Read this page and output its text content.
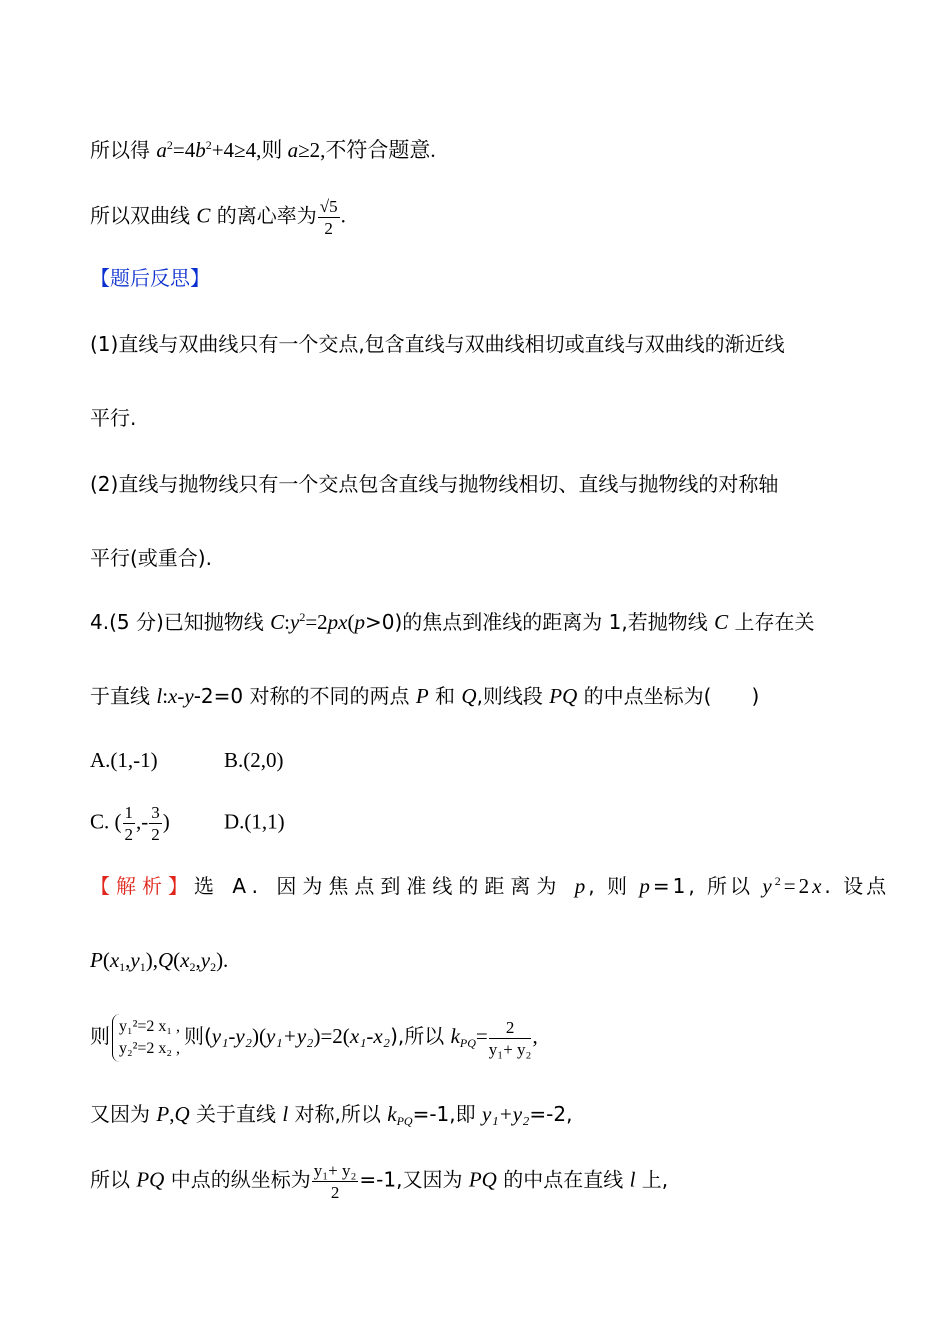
所以得 $a^2=4b^2+4\ge 4$,则 a≥2,不符合题意.
所以双曲线 C 的离心率为 $\frac{√5}{2}$ .
【题后反思】
(1)直线与双曲线只有一个交点,包含直线与双曲线相切或直线与双曲线的渐近线
平行.
(2)直线与抛物线只有一个交点包含直线与抛物线相切、直线与抛物线的对称轴
平行(或重合).
4.(5 分)已知抛物线 $C:y^2=2px(p>0)$的焦点到准线的距离为 1,若抛物线 C 上存在关
于直线 l:x-y-2=0 对称的不同的两点 P 和 Q,则线段 PQ 的中点坐标为(　　)
A.(1,-1)	B.(2,0)
C. ( $\frac{1}{2}$ ,- $\frac{3}{2}$ )	D.(1,1)
【解析】选 A. 因为焦点到准线的距离为 p, 则 p=1, 所以 $y^2=2x$. 设点
$P(x_1,y_1),Q(x_2,y_2)$.
则 y₁²=2 x₁ ,
y₂²=2 x₂ ,
则(y₁-y₂)(y₁+y₂)=2(x₁-x₂),所以 $k_{PQ}= \frac{2}{\text{y₁+ y₂}}$ ,
又因为 P,Q 关于直线 l 对称,所以 $k_{PQ}=-1$,即 y₁+y₂=-2,
所以 PQ 中点的纵坐标为 $\frac{\text{y₁+ y₂}}{2} =-1$,又因为 PQ 的中点在直线 l 上,
